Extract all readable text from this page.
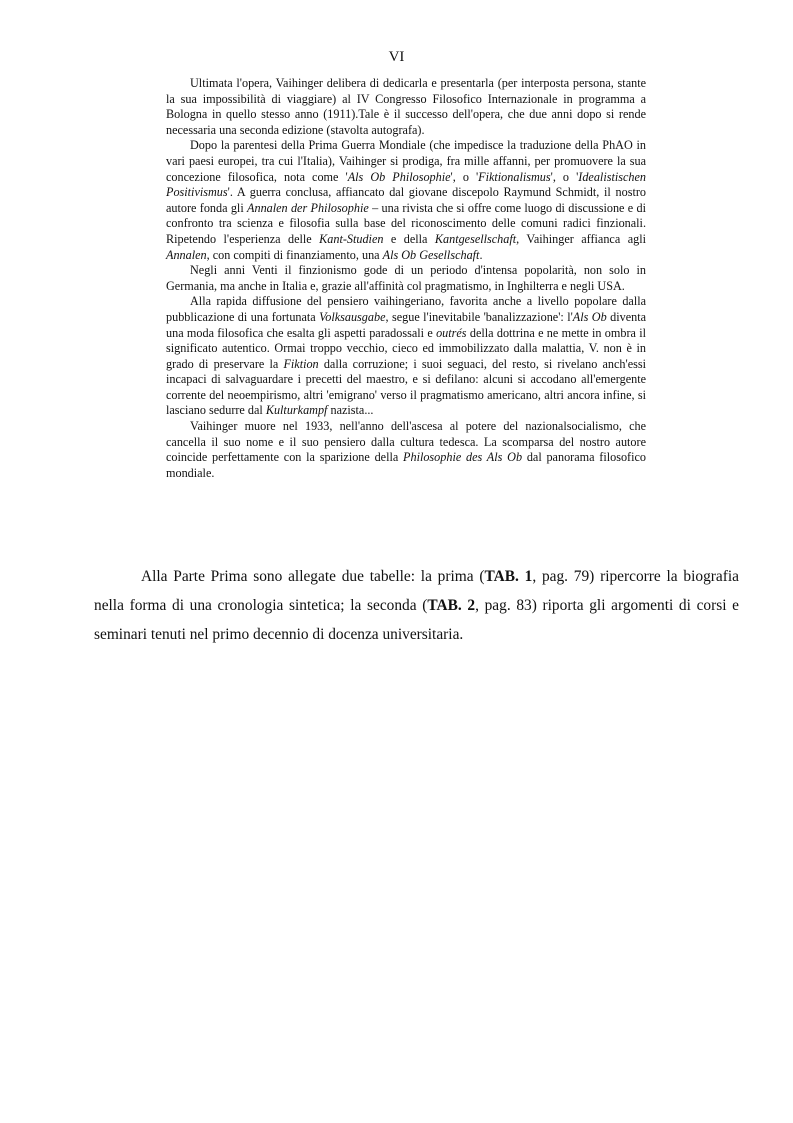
VI

Ultimata l'opera, Vaihinger delibera di dedicarla e presentarla (per interposta persona, stante la sua impossibilità di viaggiare) al IV Congresso Filosofico Internazionale in programma a Bologna in quello stesso anno (1911).Tale è il successo dell'opera, che due anni dopo si rende necessaria una seconda edizione (stavolta autografa).

Dopo la parentesi della Prima Guerra Mondiale (che impedisce la traduzione della PhAO in vari paesi europei, tra cui l'Italia), Vaihinger si prodiga, fra mille affanni, per promuovere la sua concezione filosofica, nota come 'Als Ob Philosophie', o 'Fiktionalismus', o 'Idealistischen Positivismus'. A guerra conclusa, affiancato dal giovane discepolo Raymund Schmidt, il nostro autore fonda gli Annalen der Philosophie – una rivista che si offre come luogo di discussione e di confronto tra scienza e filosofia sulla base del riconoscimento delle comuni radici finzionali. Ripetendo l'esperienza delle Kant-Studien e della Kantgesellschaft, Vaihinger affianca agli Annalen, con compiti di finanziamento, una Als Ob Gesellschaft.

Negli anni Venti il finzionismo gode di un periodo d'intensa popolarità, non solo in Germania, ma anche in Italia e, grazie all'affinità col pragmatismo, in Inghilterra e negli USA.

Alla rapida diffusione del pensiero vaihingeriano, favorita anche a livello popolare dalla pubblicazione di una fortunata Volksausgabe, segue l'inevitabile 'banalizzazione': l'Als Ob diventa una moda filosofica che esalta gli aspetti paradossali e outrés della dottrina e ne mette in ombra il significato autentico. Ormai troppo vecchio, cieco ed immobilizzato dalla malattia, V. non è in grado di preservare la Fiktion dalla corruzione; i suoi seguaci, del resto, si rivelano anch'essi incapaci di salvaguardare i precetti del maestro, e si defilano: alcuni si accodano all'emergente corrente del neoempirismo, altri 'emigrano' verso il pragmatismo americano, altri ancora infine, si lasciano sedurre dal Kulturkampf nazista...

Vaihinger muore nel 1933, nell'anno dell'ascesa al potere del nazionalsocialismo, che cancella il suo nome e il suo pensiero dalla cultura tedesca. La scomparsa del nostro autore coincide perfettamente con la sparizione della Philosophie des Als Ob dal panorama filosofico mondiale.

Alla Parte Prima sono allegate due tabelle: la prima (TAB. 1, pag. 79) ripercorre la biografia nella forma di una cronologia sintetica; la seconda (TAB. 2, pag. 83) riporta gli argomenti di corsi e seminari tenuti nel primo decennio di docenza universitaria.
